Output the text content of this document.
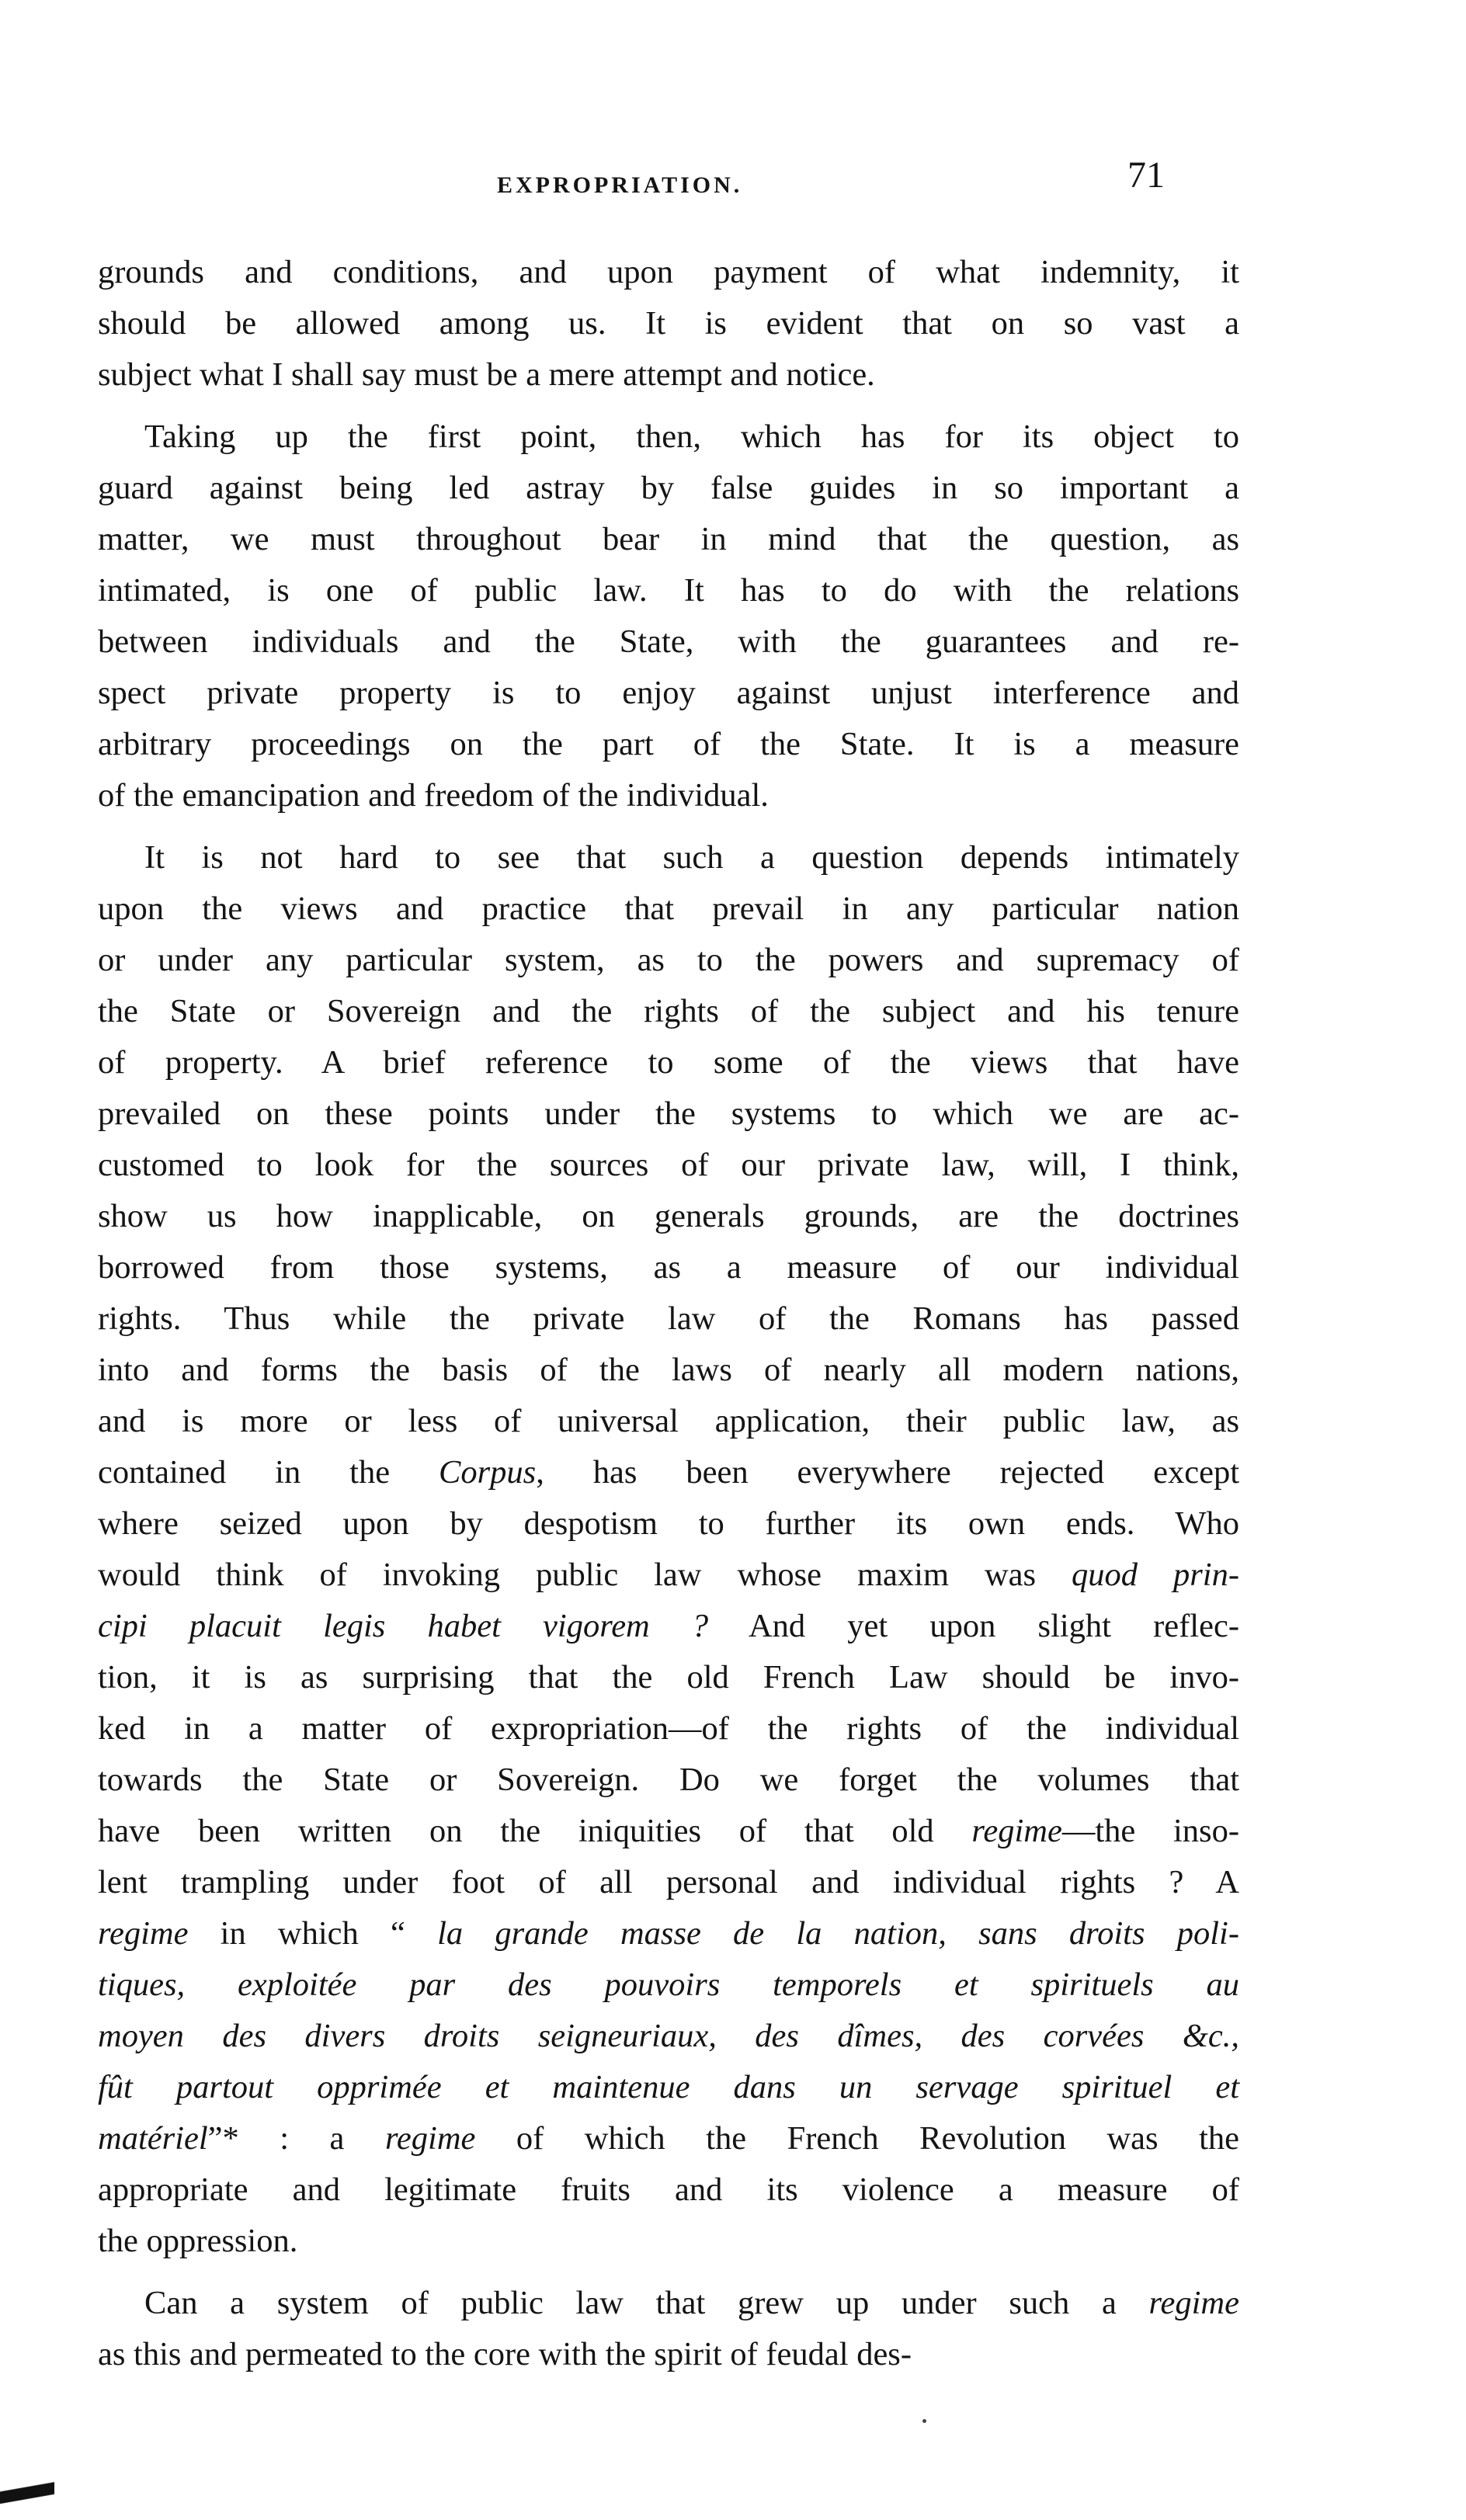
EXPROPRIATION.	71
grounds and conditions, and upon payment of what indemnity, it
should be allowed among us. It is evident that on so vast a
subject what I shall say must be a mere attempt and notice.
Taking up the first point, then, which has for its object to
guard against being led astray by false guides in so important a
matter, we must throughout bear in mind that the question, as
intimated, is one of public law. It has to do with the relations
between individuals and the State, with the guarantees and re-
spect private property is to enjoy against unjust interference and
arbitrary proceedings on the part of the State. It is a measure
of the emancipation and freedom of the individual.
It is not hard to see that such a question depends intimately
upon the views and practice that prevail in any particular nation
or under any particular system, as to the powers and supremacy of
the State or Sovereign and the rights of the subject and his tenure
of property. A brief reference to some of the views that have
prevailed on these points under the systems to which we are ac-
customed to look for the sources of our private law, will, I think,
show us how inapplicable, on generals grounds, are the doctrines
borrowed from those systems, as a measure of our individual
rights. Thus while the private law of the Romans has passed
into and forms the basis of the laws of nearly all modern nations,
and is more or less of universal application, their public law, as
contained in the Corpus, has been everywhere rejected except
where seized upon by despotism to further its own ends. Who
would think of invoking public law whose maxim was quod prin-
cipi placuit legis habet vigorem ? And yet upon slight reflec-
tion, it is as surprising that the old French Law should be invo-
ked in a matter of expropriation—of the rights of the individual
towards the State or Sovereign. Do we forget the volumes that
have been written on the iniquities of that old regime—the inso-
lent trampling under foot of all personal and individual rights ? A
regime in which “ la grande masse de la nation, sans droits poli-
tiques, exploitée par des pouvoirs temporels et spirituels au
moyen des divers droits seigneuriaux, des dîmes, des corvées &c.,
fût partout opprimée et maintenue dans un servage spirituel et
matériel”* : a regime of which the French Revolution was the
appropriate and legitimate fruits and its violence a measure of
the oppression.
Can a system of public law that grew up under such a regime
as this and permeated to the core with the spirit of feudal des-
